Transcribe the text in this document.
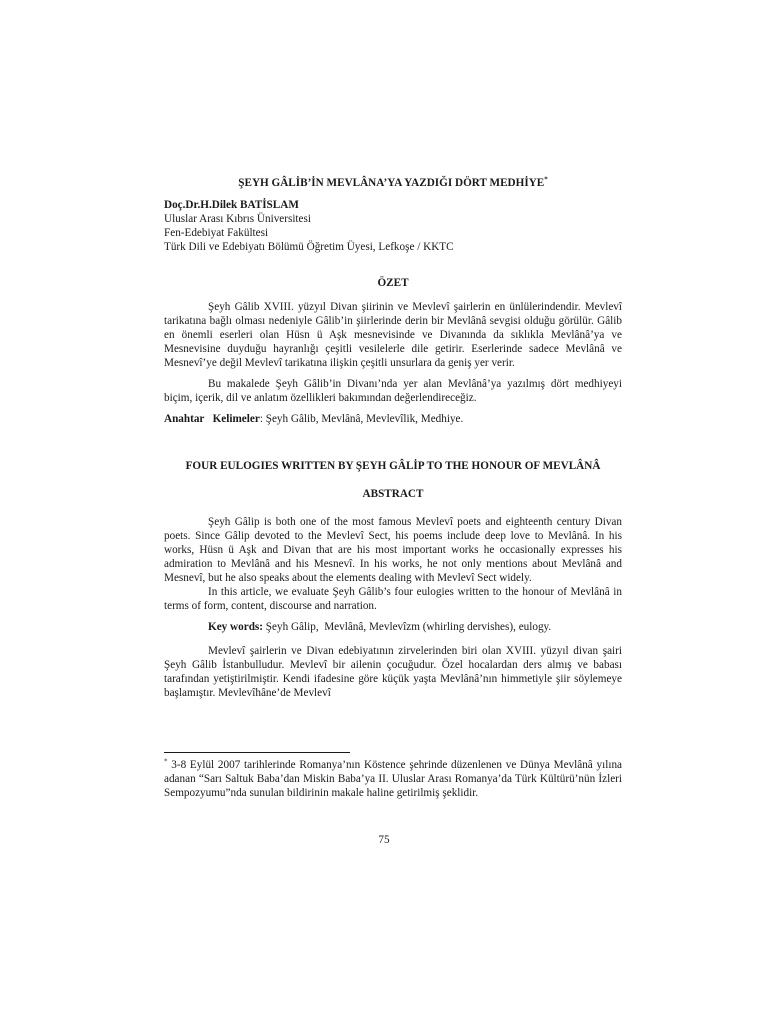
ŞEYH GÂLİB’İN MEVLÂNA’YA YAZDIĞI DÖRT MEDHİYE*
Doç.Dr.H.Dilek BATİSLAM
Uluslar Arası Kıbrıs Üniversitesi
Fen-Edebiyat Fakültesi
Türk Dili ve Edebiyatı Bölümü Öğretim Üyesi, Lefkoşe / KKTC
ÖZET

Şeyh Gâlib XVIII. yüzyıl Divan şiirinin ve Mevlevî şairlerin en ünlülerindendir. Mevlevî tarikatına bağlı olması nedeniyle Gâlib’in şiirlerinde derin bir Mevlânâ sevgisi olduğu görülür. Gâlib en önemli eserleri olan Hüsn ü Aşk mesnevisinde ve Divanında da sıklıkla Mevlânâ’ya ve Mesnevisine duyduğu hayranlığı çeşitli vesilelerle dile getirir. Eserlerinde sadece Mevlânâ ve Mesnevî’ye değil Mevlevî tarikatına ilişkin çeşitli unsurlara da geniş yer verir.

Bu makalede Şeyh Gâlib’in Divanı’nda yer alan Mevlânâ’ya yazılmış dört medhiyeyi biçim, içerik, dil ve anlatım özellikleri bakımından değerlendireceğiz.

Anahtar   Kelimeler: Şeyh Gâlib, Mevlânâ, Mevlevîlik, Medhiye.
FOUR EULOGIES WRITTEN BY ŞEYH GÂLİP TO THE HONOUR OF MEVLÂNÂ
ABSTRACT

Şeyh Gâlip is both one of the most famous Mevlevî poets and eighteenth century Divan poets. Since Gâlip devoted to the Mevlevî Sect, his poems include deep love to Mevlânâ. In his works, Hüsn ü Aşk and Divan that are his most important works he occasionally expresses his admiration to Mevlânâ and his Mesnevî. In his works, he not only mentions about Mevlânâ and Mesnevî, but he also speaks about the elements dealing with Mevlevî Sect widely.

In this article, we evaluate Şeyh Gâlib’s four eulogies written to the honour of Mevlânâ in terms of form, content, discourse and narration.

Key words: Şeyh Gâlip,  Mevlânâ, Mevlevîzm (whirling dervishes), eulogy.

Mevlevî şairlerin ve Divan edebiyatının zirvelerinden biri olan XVIII. yüzyıl divan şairi Şeyh Gâlib İstanbulludur. Mevlevî bir ailenin çocuğudur. Özel hocalardan ders almış ve babası tarafından yetiştirilmiştir. Kendi ifadesine göre küçük yaşta Mevlânâ’nın himmetiyle şiir söylemeye başlamıştır. Mevlevîhâne’de Mevlevî

* 3-8 Eylül 2007 tarihlerinde Romanya’nın Köstence şehrinde düzenlenen ve Dünya Mevlânâ yılına adanan “Sarı Saltuk Baba’dan Miskin Baba’ya II. Uluslar Arası Romanya’da Türk Kültürü’nün İzleri Sempozyumu”nda sunulan bildirinin makale haline getirilmiş şeklidir.
75
